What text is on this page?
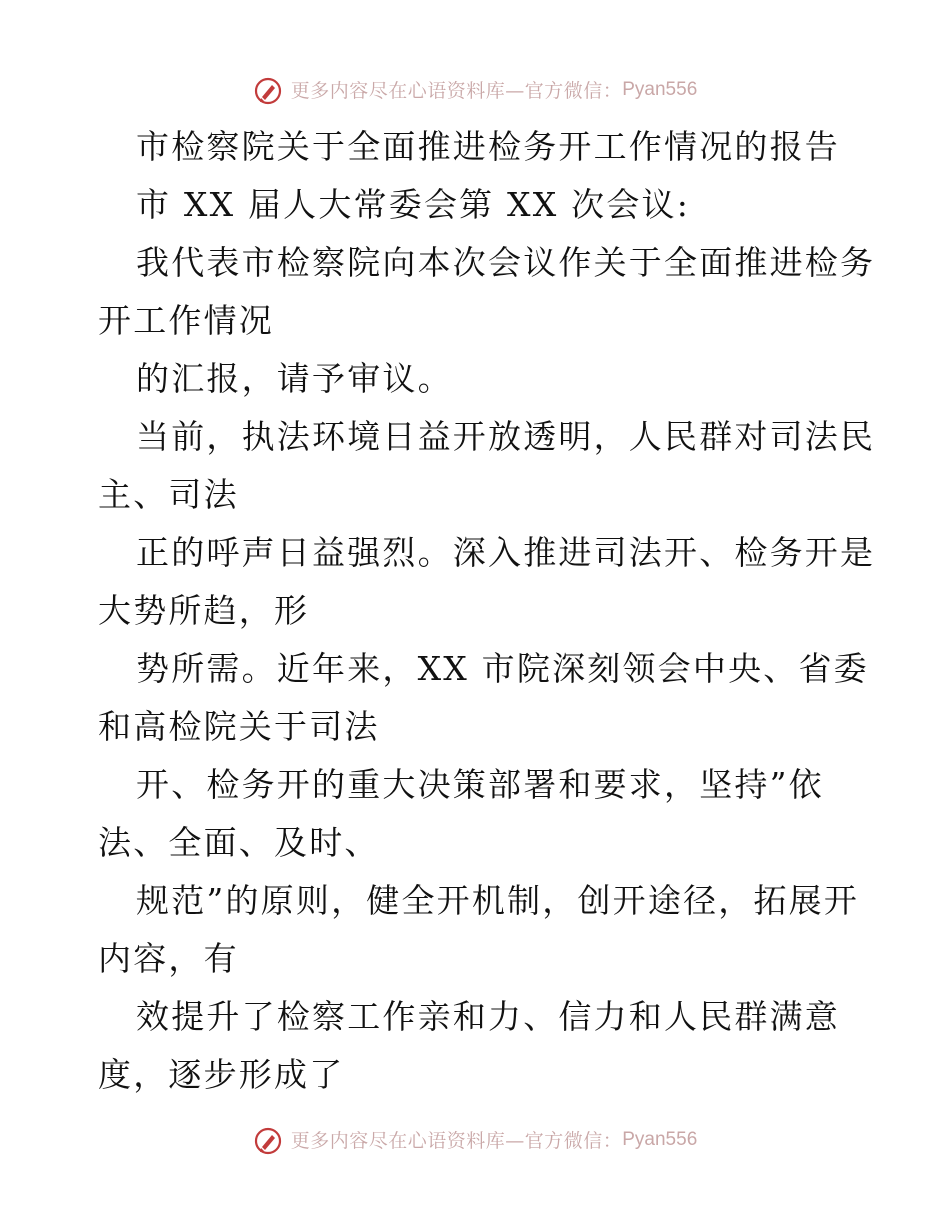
更多内容尽在心语资料库—官方微信：Pyan556
市检察院关于全面推进检务开工作情况的报告
市 XX 届人大常委会第 XX 次会议:
我代表市检察院向本次会议作关于全面推进检务
开工作情况
的汇报，请予审议。
当前，执法环境日益开放透明，人民群对司法民
主、司法
正的呼声日益强烈。深入推进司法开、检务开是
大势所趋，形
势所需。近年来，XX 市院深刻领会中央、省委
和高检院关于司法
开、检务开的重大决策部署和要求，坚持”依
法、全面、及时、
规范”的原则，健全开机制，创开途径，拓展开
内容，有
效提升了检察工作亲和力、信力和人民群满意
度，逐步形成了
更多内容尽在心语资料库—官方微信：Pyan556
